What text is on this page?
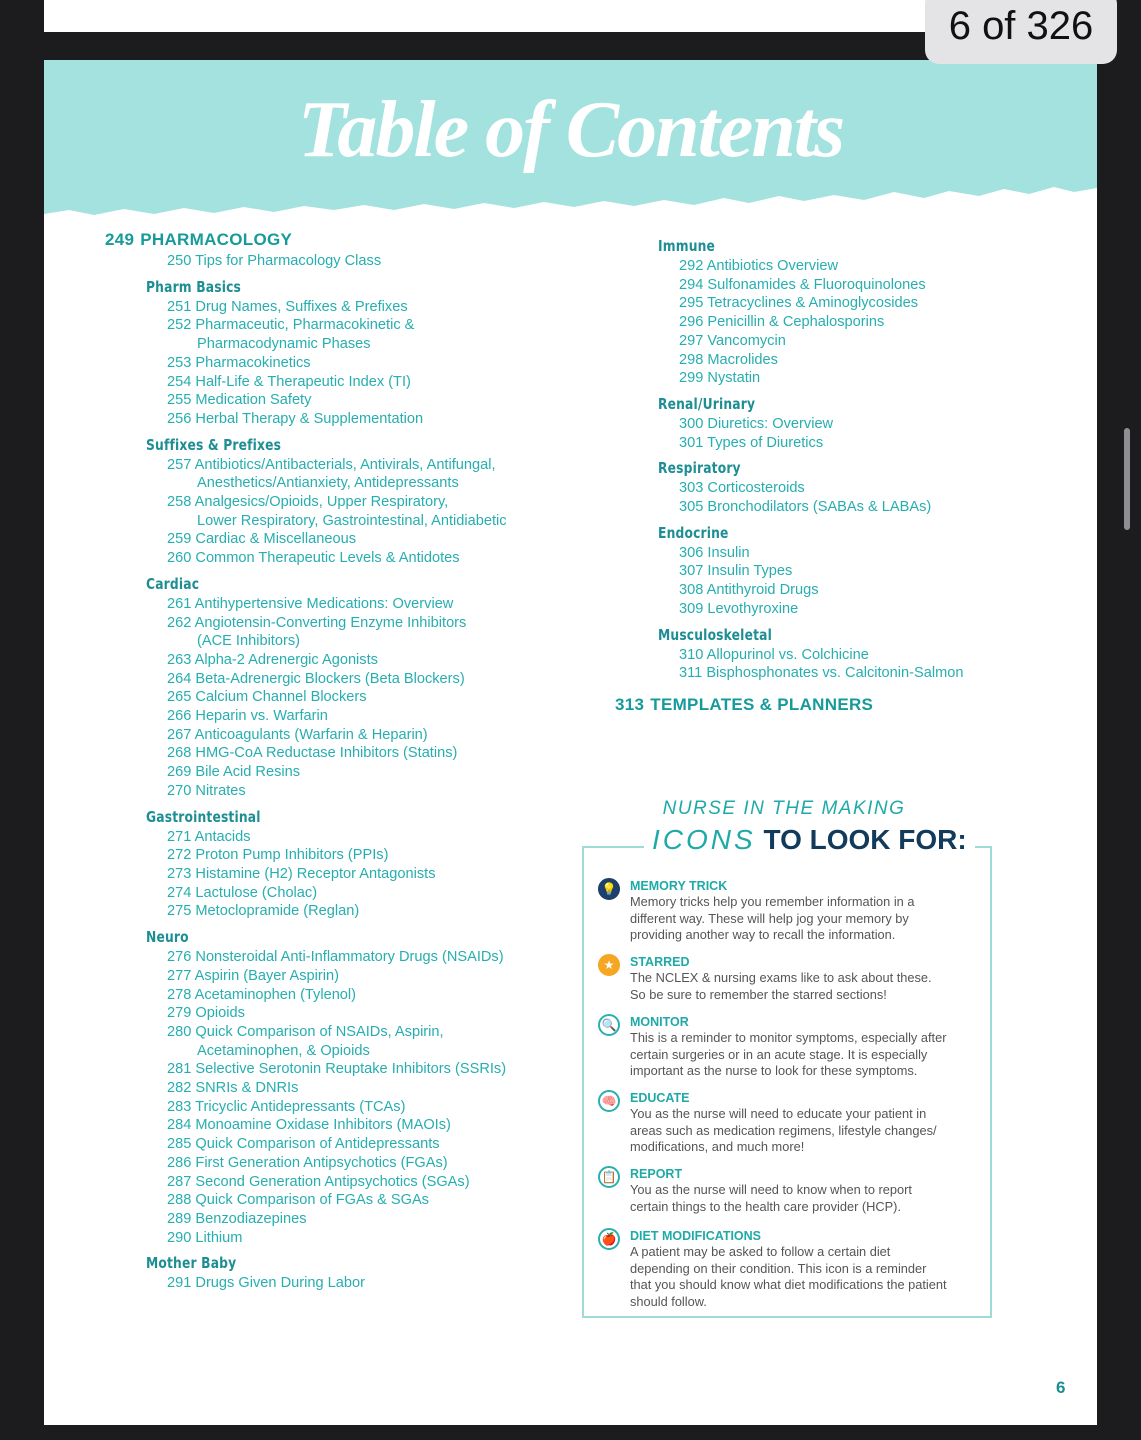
Table of Contents
249 PHARMACOLOGY
250 Tips for Pharmacology Class
Pharm Basics
251 Drug Names, Suffixes & Prefixes
252 Pharmaceutic, Pharmacokinetic &
Pharmacodynamic Phases
253 Pharmacokinetics
254 Half-Life & Therapeutic Index (TI)
255 Medication Safety
256 Herbal Therapy & Supplementation
Suffixes & Prefixes
257 Antibiotics/Antibacterials, Antivirals, Antifungal,
Anesthetics/Antianxiety, Antidepressants
258 Analgesics/Opioids, Upper Respiratory,
Lower Respiratory, Gastrointestinal, Antidiabetic
259 Cardiac & Miscellaneous
260 Common Therapeutic Levels & Antidotes
Cardiac
261 Antihypertensive Medications: Overview
262 Angiotensin-Converting Enzyme Inhibitors
(ACE Inhibitors)
263 Alpha-2 Adrenergic Agonists
264 Beta-Adrenergic Blockers (Beta Blockers)
265 Calcium Channel Blockers
266 Heparin vs. Warfarin
267 Anticoagulants (Warfarin & Heparin)
268 HMG-CoA Reductase Inhibitors (Statins)
269 Bile Acid Resins
270 Nitrates
Gastrointestinal
271 Antacids
272 Proton Pump Inhibitors (PPIs)
273 Histamine (H2) Receptor Antagonists
274 Lactulose (Cholac)
275 Metoclopramide (Reglan)
Neuro
276 Nonsteroidal Anti-Inflammatory Drugs (NSAIDs)
277 Aspirin (Bayer Aspirin)
278 Acetaminophen (Tylenol)
279 Opioids
280 Quick Comparison of NSAIDs, Aspirin,
Acetaminophen, & Opioids
281 Selective Serotonin Reuptake Inhibitors (SSRIs)
282 SNRIs & DNRIs
283 Tricyclic Antidepressants (TCAs)
284 Monoamine Oxidase Inhibitors (MAOIs)
285 Quick Comparison of Antidepressants
286 First Generation Antipsychotics (FGAs)
287 Second Generation Antipsychotics (SGAs)
288 Quick Comparison of FGAs & SGAs
289 Benzodiazepines
290 Lithium
Mother Baby
291 Drugs Given During Labor
Immune
292 Antibiotics Overview
294 Sulfonamides & Fluoroquinolones
295 Tetracyclines & Aminoglycosides
296 Penicillin & Cephalosporins
297 Vancomycin
298 Macrolides
299 Nystatin
Renal/Urinary
300 Diuretics: Overview
301 Types of Diuretics
Respiratory
303 Corticosteroids
305 Bronchodilators (SABAs & LABAs)
Endocrine
306 Insulin
307 Insulin Types
308 Antithyroid Drugs
309 Levothyroxine
Musculoskeletal
310 Allopurinol vs. Colchicine
311 Bisphosphonates vs. Calcitonin-Salmon
313 TEMPLATES & PLANNERS
NURSE IN THE MAKING
💡 MEMORY TRICK
Memory tricks help you remember information in a different way. These will help jog your memory by providing another way to recall the information.
★	STARRED
The NCLEX & nursing exams like to ask about these. So be sure to remember the starred sections!
🔍 MONITOR
This is a reminder to monitor symptoms, especially after certain surgeries or in an acute stage. It is especially important as the nurse to look for these symptoms.
🧠 EDUCATE
You as the nurse will need to educate your patient in areas such as medication regimens, lifestyle changes/ modifications, and much more!
📋 REPORT
You as the nurse will need to know when to report certain things to the health care provider (HCP).
🍎 DIET MODIFICATIONS
A patient may be asked to follow a certain diet depending on their condition. This icon is a reminder that you should know what diet modifications the patient should follow.
ICONS TO LOOK FOR:
6
6 of 326
